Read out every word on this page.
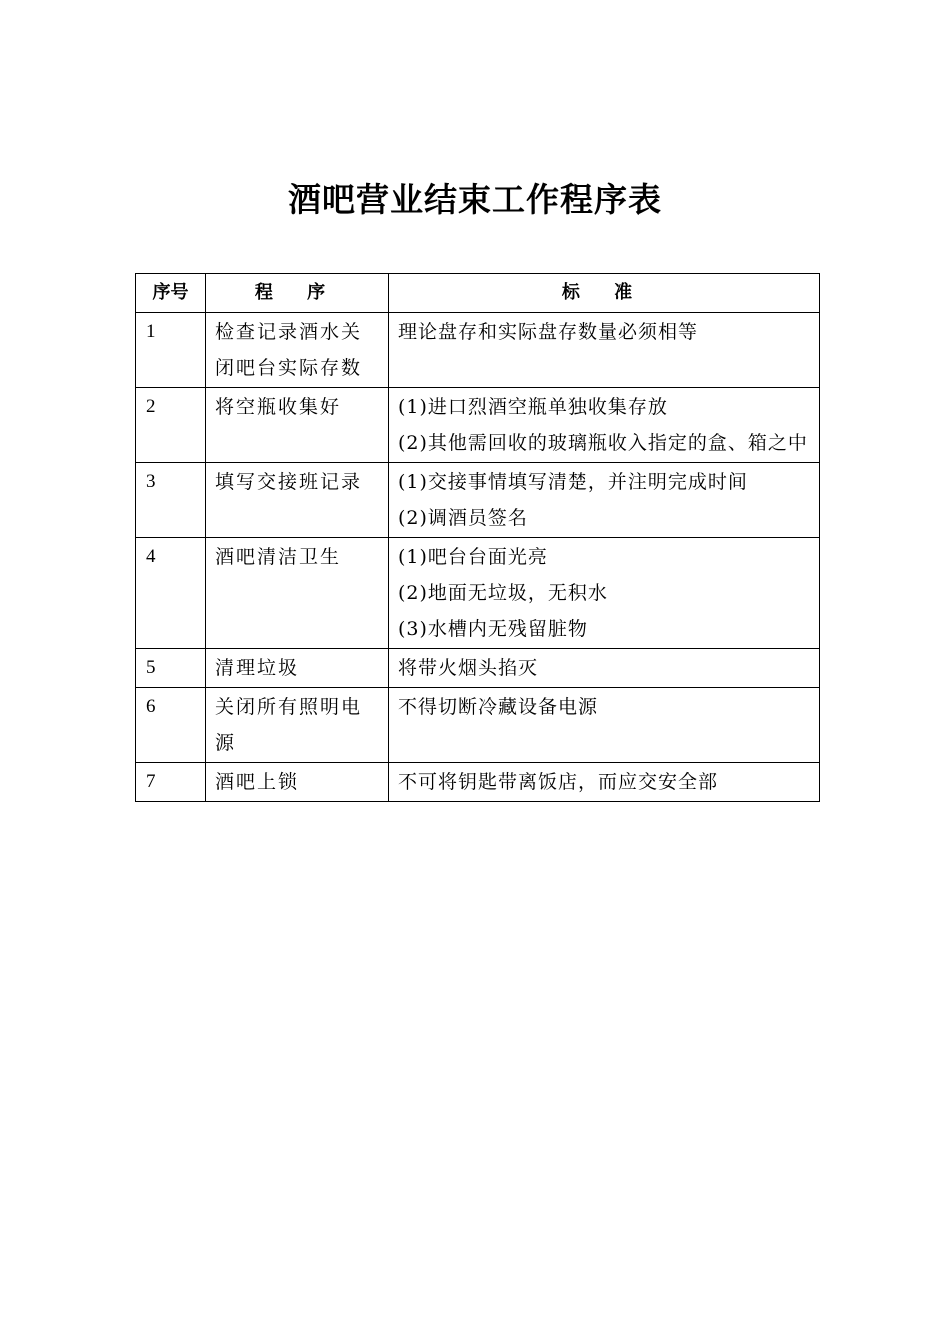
酒吧营业结束工作程序表
序号	程 序	标 准
1	检查记录酒水关闭吧台实际存数	理论盘存和实际盘存数量必须相等

2	将空瓶收集好	(1)进口烈酒空瓶单独收集存放
(2)其他需回收的玻璃瓶收入指定的盒、箱之中

3	填写交接班记录	(1)交接事情填写清楚，并注明完成时间
(2)调酒员签名

4	酒吧清洁卫生	(1)吧台台面光亮
(2)地面无垃圾，无积水
(3)水槽内无残留脏物

5	清理垃圾	将带火烟头掐灭

6	关闭所有照明电源	不得切断冷藏设备电源

7	酒吧上锁	不可将钥匙带离饭店，而应交安全部
